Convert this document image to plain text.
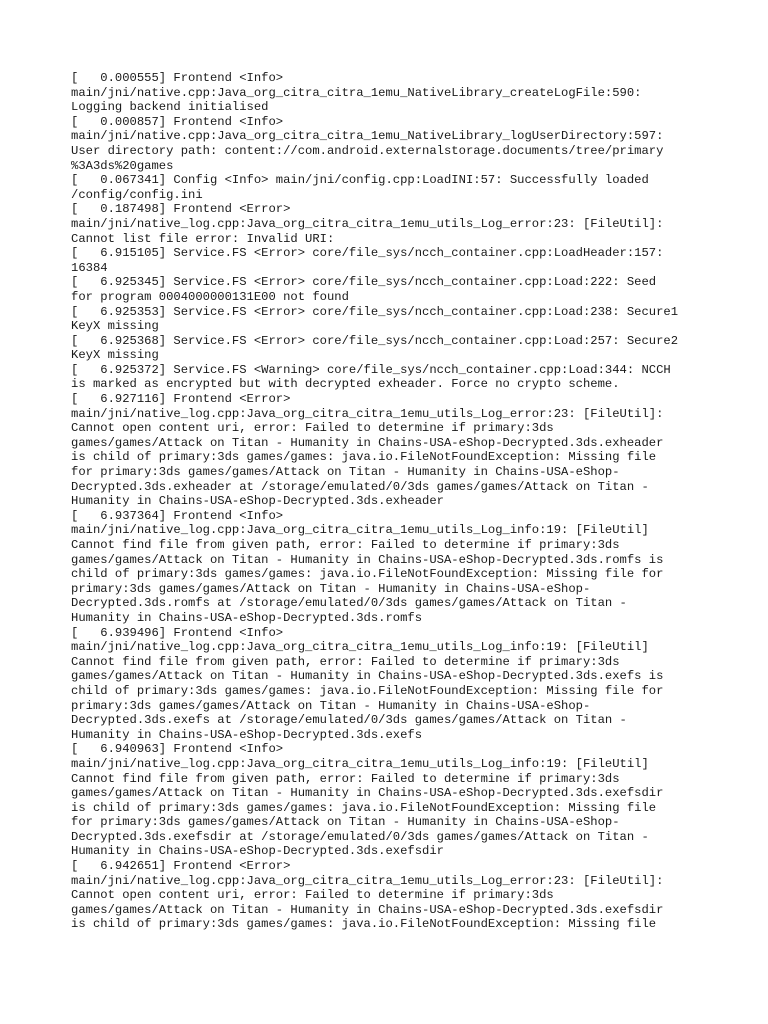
[   0.000555] Frontend <Info>
main/jni/native.cpp:Java_org_citra_citra_1emu_NativeLibrary_createLogFile:590:
Logging backend initialised
[   0.000857] Frontend <Info>
main/jni/native.cpp:Java_org_citra_citra_1emu_NativeLibrary_logUserDirectory:597:
User directory path: content://com.android.externalstorage.documents/tree/primary
%3A3ds%20games
[   0.067341] Config <Info> main/jni/config.cpp:LoadINI:57: Successfully loaded
/config/config.ini
[   0.187498] Frontend <Error>
main/jni/native_log.cpp:Java_org_citra_citra_1emu_utils_Log_error:23: [FileUtil]:
Cannot list file error: Invalid URI:
[   6.915105] Service.FS <Error> core/file_sys/ncch_container.cpp:LoadHeader:157:
16384
[   6.925345] Service.FS <Error> core/file_sys/ncch_container.cpp:Load:222: Seed
for program 0004000000131E00 not found
[   6.925353] Service.FS <Error> core/file_sys/ncch_container.cpp:Load:238: Secure1
KeyX missing
[   6.925368] Service.FS <Error> core/file_sys/ncch_container.cpp:Load:257: Secure2
KeyX missing
[   6.925372] Service.FS <Warning> core/file_sys/ncch_container.cpp:Load:344: NCCH
is marked as encrypted but with decrypted exheader. Force no crypto scheme.
[   6.927116] Frontend <Error>
main/jni/native_log.cpp:Java_org_citra_citra_1emu_utils_Log_error:23: [FileUtil]:
Cannot open content uri, error: Failed to determine if primary:3ds
games/games/Attack on Titan - Humanity in Chains-USA-eShop-Decrypted.3ds.exheader
is child of primary:3ds games/games: java.io.FileNotFoundException: Missing file
for primary:3ds games/games/Attack on Titan - Humanity in Chains-USA-eShop-
Decrypted.3ds.exheader at /storage/emulated/0/3ds games/games/Attack on Titan -
Humanity in Chains-USA-eShop-Decrypted.3ds.exheader
[   6.937364] Frontend <Info>
main/jni/native_log.cpp:Java_org_citra_citra_1emu_utils_Log_info:19: [FileUtil]
Cannot find file from given path, error: Failed to determine if primary:3ds
games/games/Attack on Titan - Humanity in Chains-USA-eShop-Decrypted.3ds.romfs is
child of primary:3ds games/games: java.io.FileNotFoundException: Missing file for
primary:3ds games/games/Attack on Titan - Humanity in Chains-USA-eShop-
Decrypted.3ds.romfs at /storage/emulated/0/3ds games/games/Attack on Titan -
Humanity in Chains-USA-eShop-Decrypted.3ds.romfs
[   6.939496] Frontend <Info>
main/jni/native_log.cpp:Java_org_citra_citra_1emu_utils_Log_info:19: [FileUtil]
Cannot find file from given path, error: Failed to determine if primary:3ds
games/games/Attack on Titan - Humanity in Chains-USA-eShop-Decrypted.3ds.exefs is
child of primary:3ds games/games: java.io.FileNotFoundException: Missing file for
primary:3ds games/games/Attack on Titan - Humanity in Chains-USA-eShop-
Decrypted.3ds.exefs at /storage/emulated/0/3ds games/games/Attack on Titan -
Humanity in Chains-USA-eShop-Decrypted.3ds.exefs
[   6.940963] Frontend <Info>
main/jni/native_log.cpp:Java_org_citra_citra_1emu_utils_Log_info:19: [FileUtil]
Cannot find file from given path, error: Failed to determine if primary:3ds
games/games/Attack on Titan - Humanity in Chains-USA-eShop-Decrypted.3ds.exefsdir
is child of primary:3ds games/games: java.io.FileNotFoundException: Missing file
for primary:3ds games/games/Attack on Titan - Humanity in Chains-USA-eShop-
Decrypted.3ds.exefsdir at /storage/emulated/0/3ds games/games/Attack on Titan -
Humanity in Chains-USA-eShop-Decrypted.3ds.exefsdir
[   6.942651] Frontend <Error>
main/jni/native_log.cpp:Java_org_citra_citra_1emu_utils_Log_error:23: [FileUtil]:
Cannot open content uri, error: Failed to determine if primary:3ds
games/games/Attack on Titan - Humanity in Chains-USA-eShop-Decrypted.3ds.exefsdir
is child of primary:3ds games/games: java.io.FileNotFoundException: Missing file
